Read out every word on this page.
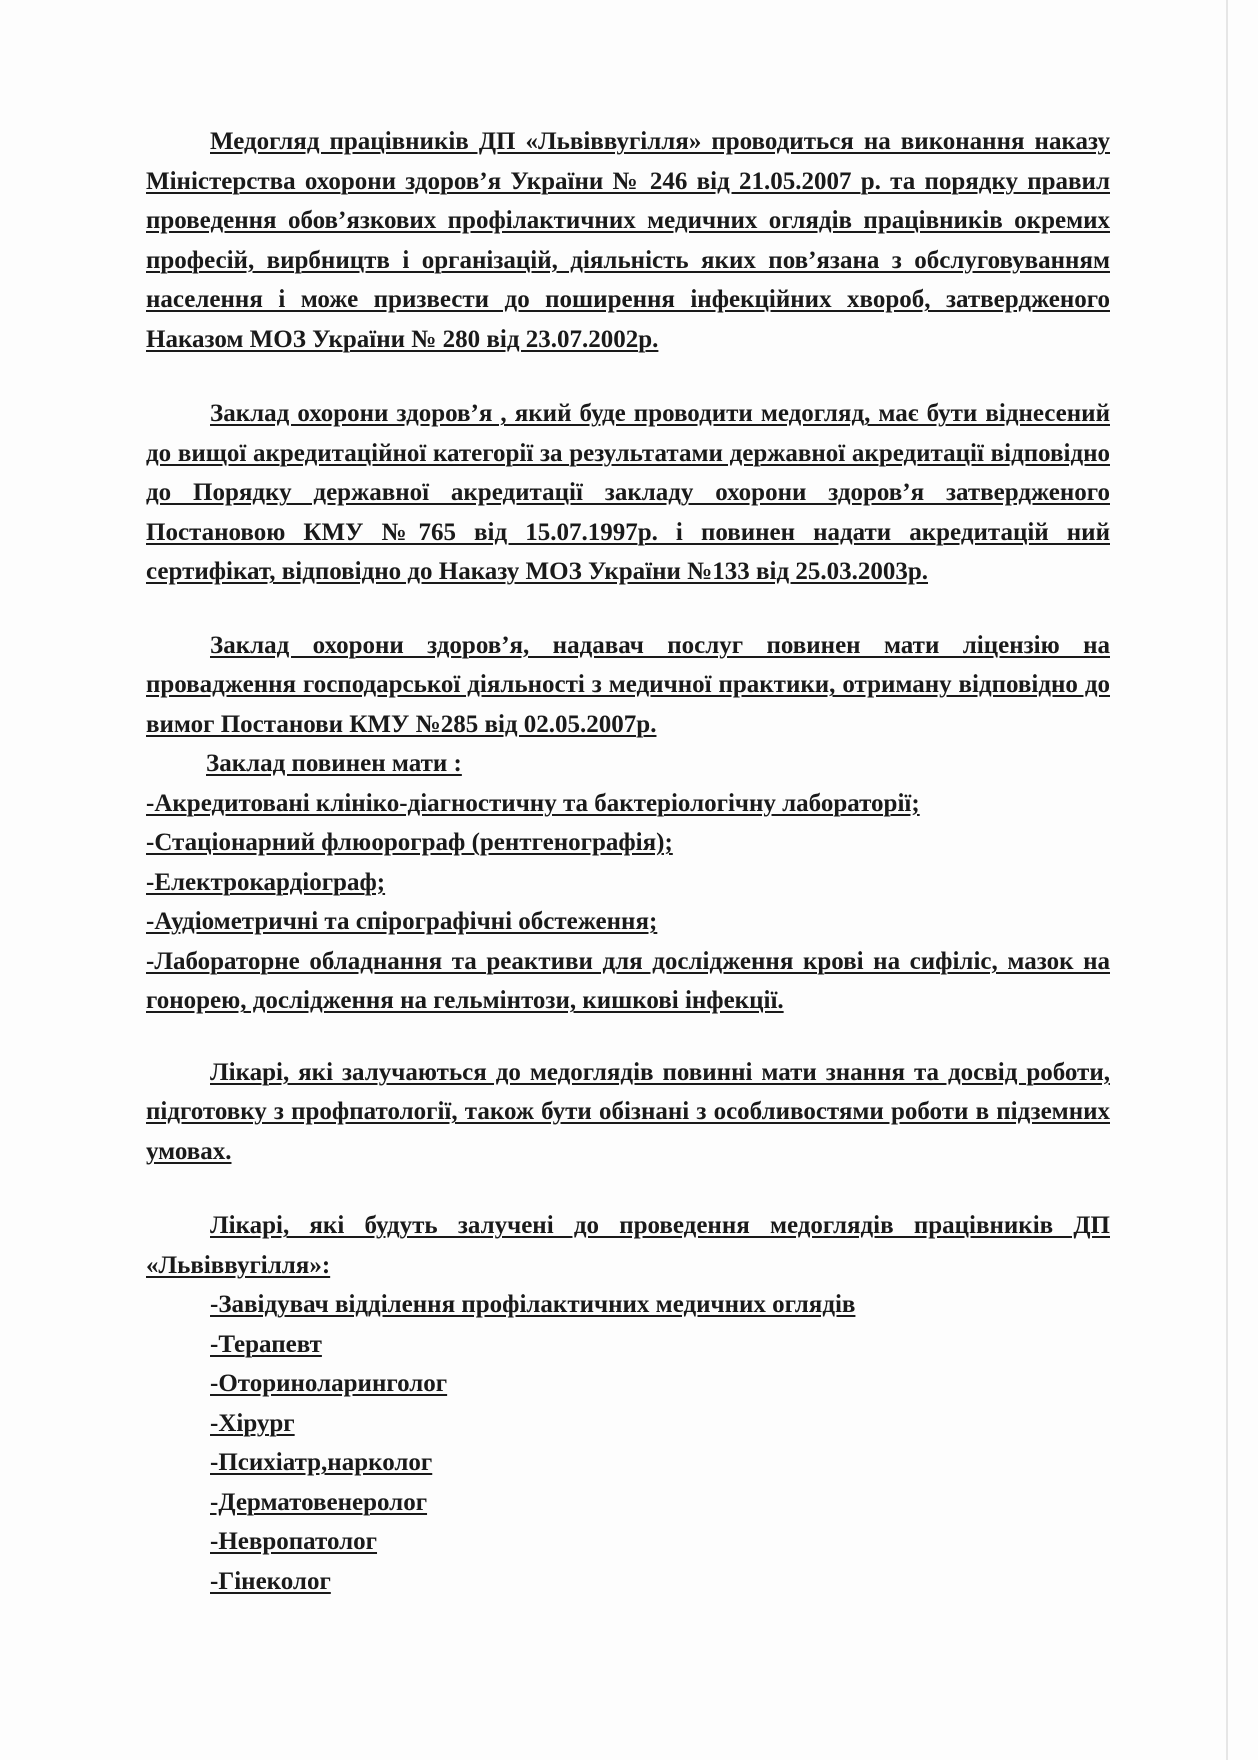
Медогляд працівників ДП «Львіввугілля» проводиться на виконання наказу Міністерства охорони здоров’я України № 246 від 21.05.2007 р. та порядку правил проведення обов’язкових профілактичних медичних оглядів працівників окремих професій, вирбництв і організацій, діяльність яких пов’язана з обслуговуванням населення і може призвести до поширення інфекційних хвороб, затвердженого Наказом МОЗ України № 280 від 23.07.2002р.

Заклад охорони здоров’я , який буде проводити медогляд, має бути віднесений до вищої акредитаційної категорії за результатами державної акредитації відповідно до Порядку державної акредитації закладу охорони здоров’я затвердженого Постановою КМУ №765 від 15.07.1997р. і повинен надати акредитацій ний сертифікат, відповідно до Наказу МОЗ України №133 від 25.03.2003р.

Заклад охорони здоров’я, надавач послуг повинен мати ліцензію на провадження господарської діяльності з медичної практики, отриману відповідно до вимог Постанови КМУ №285 від 02.05.2007р.

Заклад повинен мати :

-Акредитовані клініко-діагностичну та бактеріологічну лабораторії;
-Стаціонарний флюорограф (рентгенографія);
-Електрокардіограф;
-Аудіометричні та спірографічні обстеження;
-Лабораторне обладнання та реактиви для дослідження крові на сифіліс, мазок на гонорею, дослідження на гельмінтози, кишкові інфекції.

Лікарі, які залучаються до медоглядів повинні мати знання та досвід роботи, підготовку з профпатології, також бути обізнані з особливостями роботи в підземних умовах.

Лікарі, які будуть залучені до проведення медоглядів працівників ДП «Львіввугілля»:

-Завідувач відділення профілактичних медичних оглядів
-Терапевт
-Оториноларинголог
-Хірург
-Психіатр,нарколог
-Дерматовенеролог
-Невропатолог
-Гінеколог
